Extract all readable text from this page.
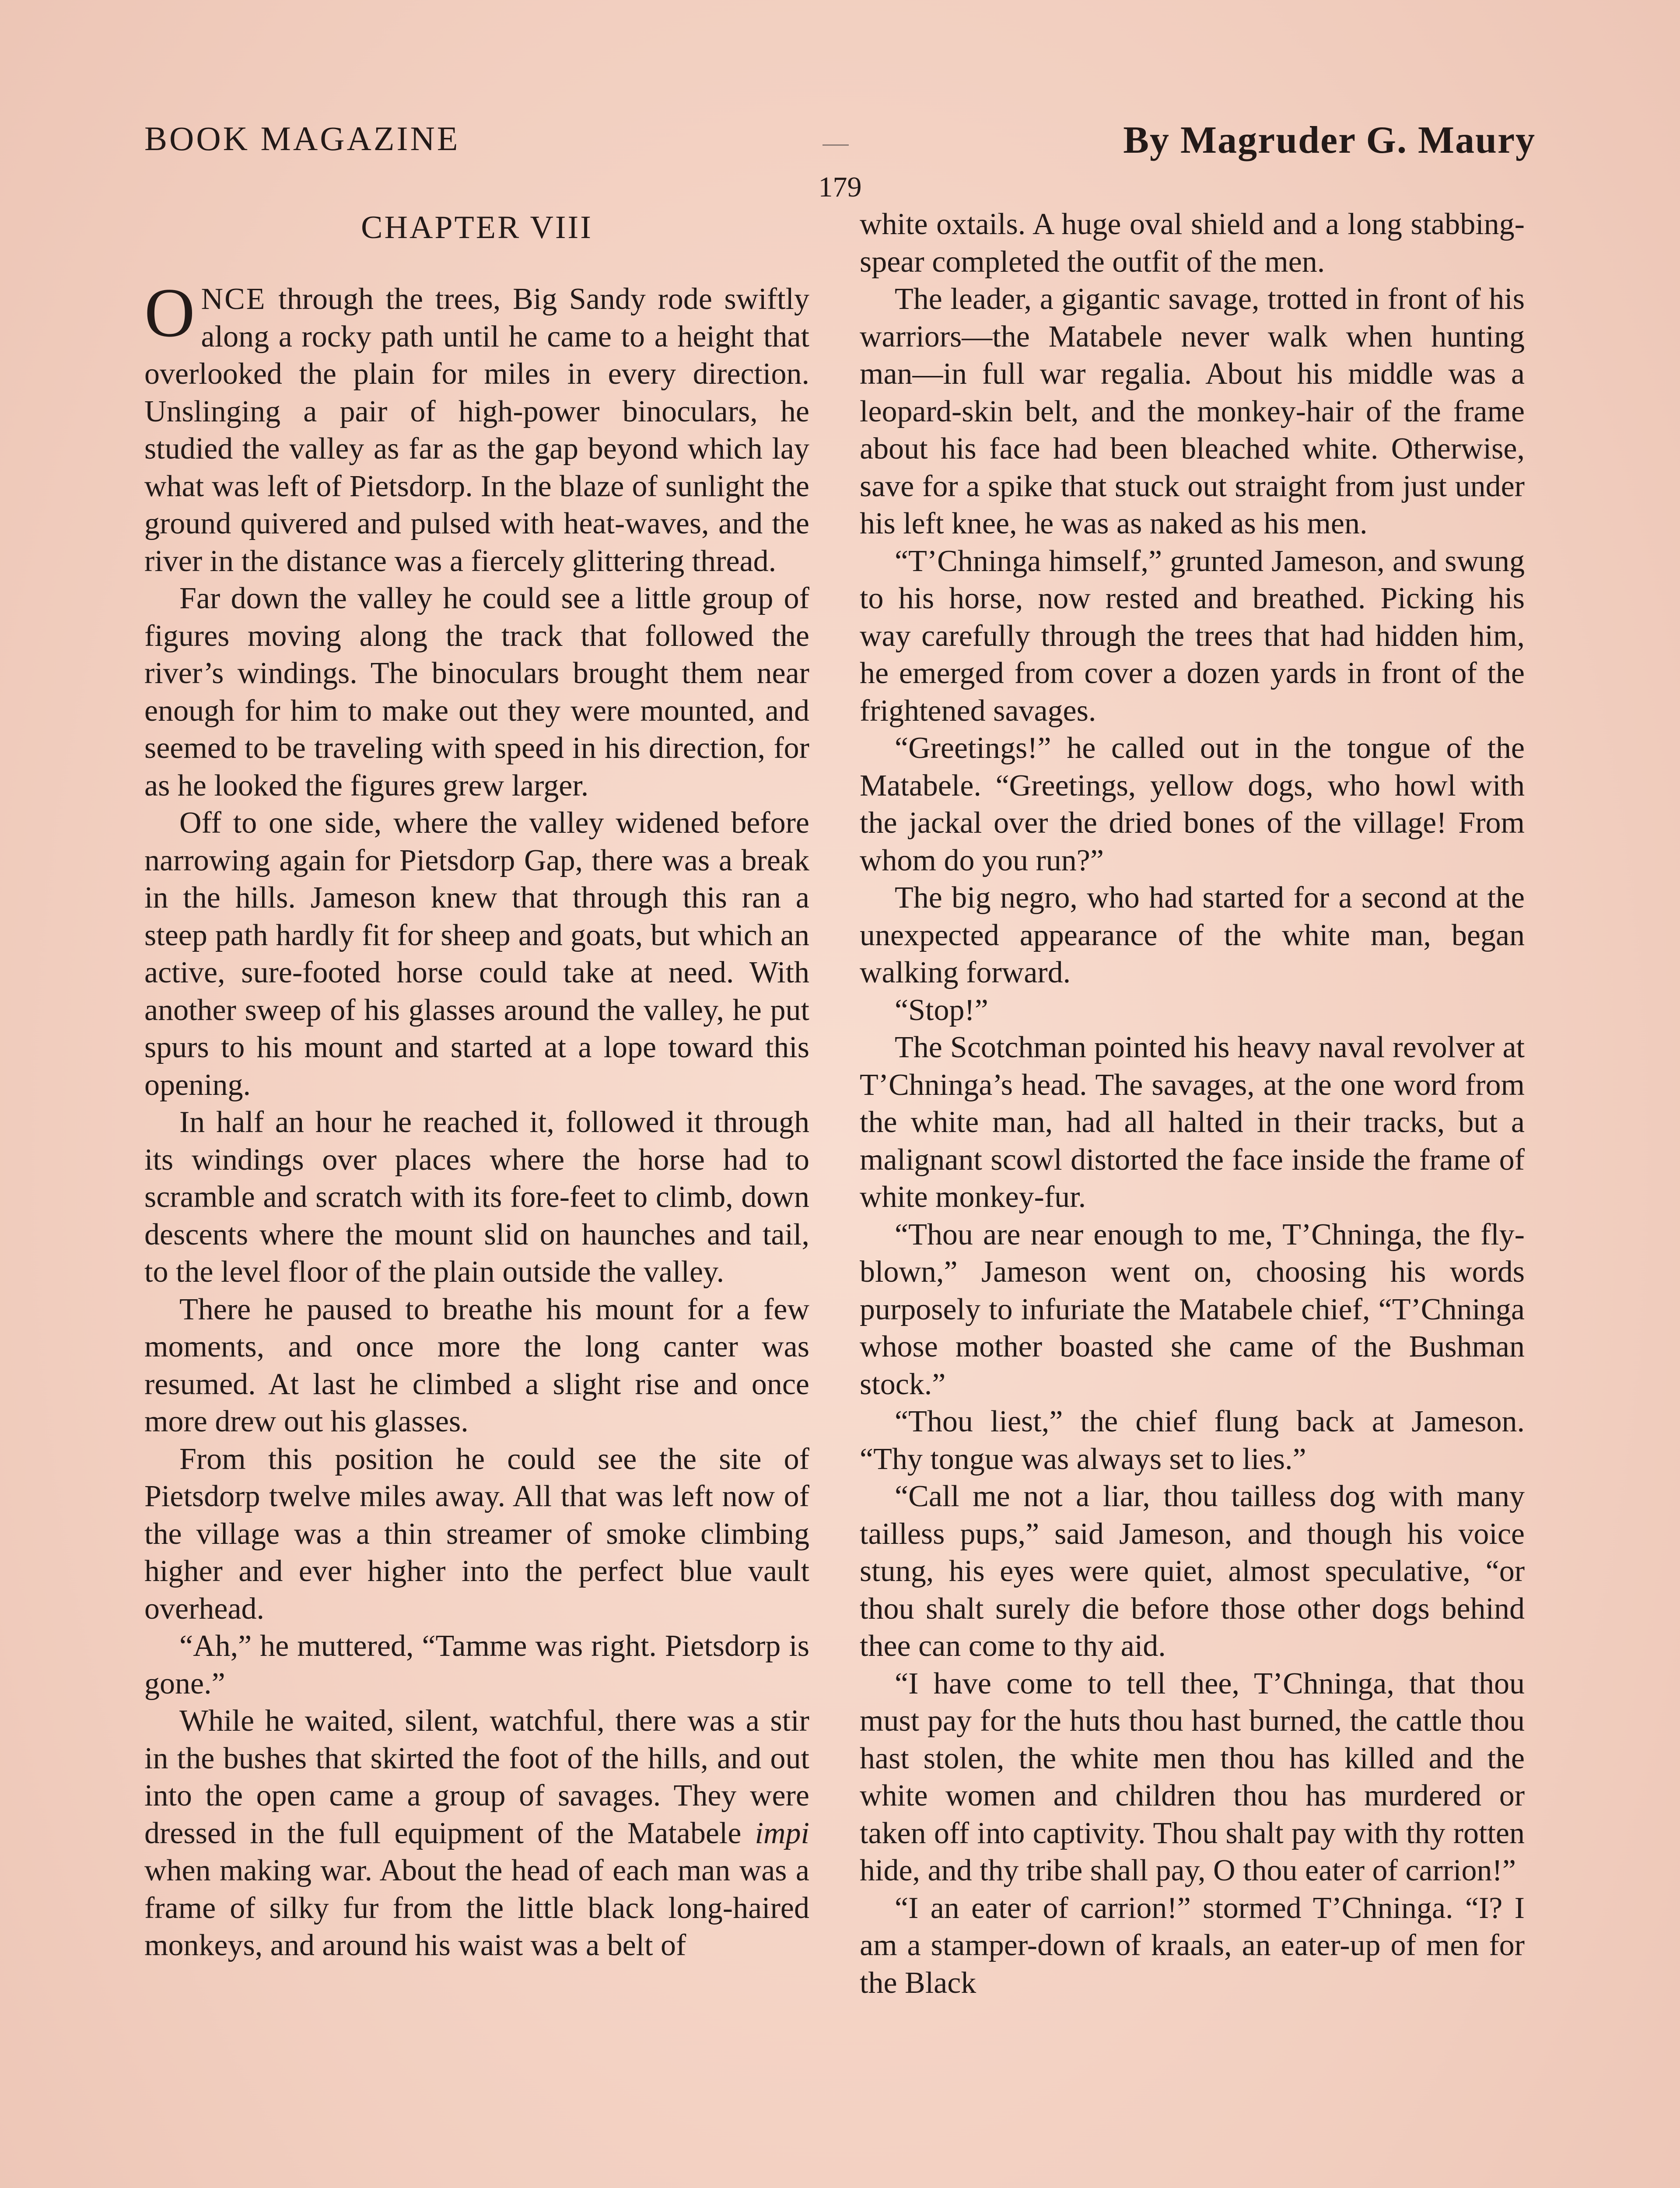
BOOK MAGAZINE	By Magruder G. Maury
179
CHAPTER VIII

ONCE through the trees, Big Sandy rode swiftly along a rocky path until he came to a height that overlooked the plain for miles in every direction. Unslinging a pair of high-power binoculars, he studied the valley as far as the gap beyond which lay what was left of Pietsdorp. In the blaze of sunlight the ground quivered and pulsed with heat-waves, and the river in the distance was a fiercely glittering thread.

Far down the valley he could see a little group of figures moving along the track that followed the river’s windings. The binoculars brought them near enough for him to make out they were mounted, and seemed to be traveling with speed in his direction, for as he looked the figures grew larger.

Off to one side, where the valley widened before narrowing again for Pietsdorp Gap, there was a break in the hills. Jameson knew that through this ran a steep path hardly fit for sheep and goats, but which an active, sure-footed horse could take at need. With another sweep of his glasses around the valley, he put spurs to his mount and started at a lope toward this opening.

In half an hour he reached it, followed it through its windings over places where the horse had to scramble and scratch with its fore-feet to climb, down descents where the mount slid on haunches and tail, to the level floor of the plain outside the valley.

There he paused to breathe his mount for a few moments, and once more the long canter was resumed. At last he climbed a slight rise and once more drew out his glasses.

From this position he could see the site of Pietsdorp twelve miles away. All that was left now of the village was a thin streamer of smoke climbing higher and ever higher into the perfect blue vault overhead.

“Ah,” he muttered, “Tamme was right. Pietsdorp is gone.”

While he waited, silent, watchful, there was a stir in the bushes that skirted the foot of the hills, and out into the open came a group of savages. They were dressed in the full equipment of the Matabele impi when making war. About the head of each man was a frame of silky fur from the little black long-haired monkeys, and around his waist was a belt of

white oxtails. A huge oval shield and a long stabbing-spear completed the outfit of the men.

The leader, a gigantic savage, trotted in front of his warriors—the Matabele never walk when hunting man—in full war regalia. About his middle was a leopard-skin belt, and the monkey-hair of the frame about his face had been bleached white. Otherwise, save for a spike that stuck out straight from just under his left knee, he was as naked as his men.

“T’Chninga himself,” grunted Jameson, and swung to his horse, now rested and breathed. Picking his way carefully through the trees that had hidden him, he emerged from cover a dozen yards in front of the frightened savages.

“Greetings!” he called out in the tongue of the Matabele. “Greetings, yellow dogs, who howl with the jackal over the dried bones of the village! From whom do you run?”

The big negro, who had started for a second at the unexpected appearance of the white man, began walking forward.

“Stop!”

The Scotchman pointed his heavy naval revolver at T’Chninga’s head. The savages, at the one word from the white man, had all halted in their tracks, but a malignant scowl distorted the face inside the frame of white monkey-fur.

“Thou are near enough to me, T’Chninga, the fly-blown,” Jameson went on, choosing his words purposely to infuriate the Matabele chief, “T’Chninga whose mother boasted she came of the Bushman stock.”

“Thou liest,” the chief flung back at Jameson. “Thy tongue was always set to lies.”

“Call me not a liar, thou tailless dog with many tailless pups,” said Jameson, and though his voice stung, his eyes were quiet, almost speculative, “or thou shalt surely die before those other dogs behind thee can come to thy aid.

“I have come to tell thee, T’Chninga, that thou must pay for the huts thou hast burned, the cattle thou hast stolen, the white men thou has killed and the white women and children thou has murdered or taken off into captivity. Thou shalt pay with thy rotten hide, and thy tribe shall pay, O thou eater of carrion!”

“I an eater of carrion!” stormed T’Chninga. “I? I am a stamper-down of kraals, an eater-up of men for the Black
